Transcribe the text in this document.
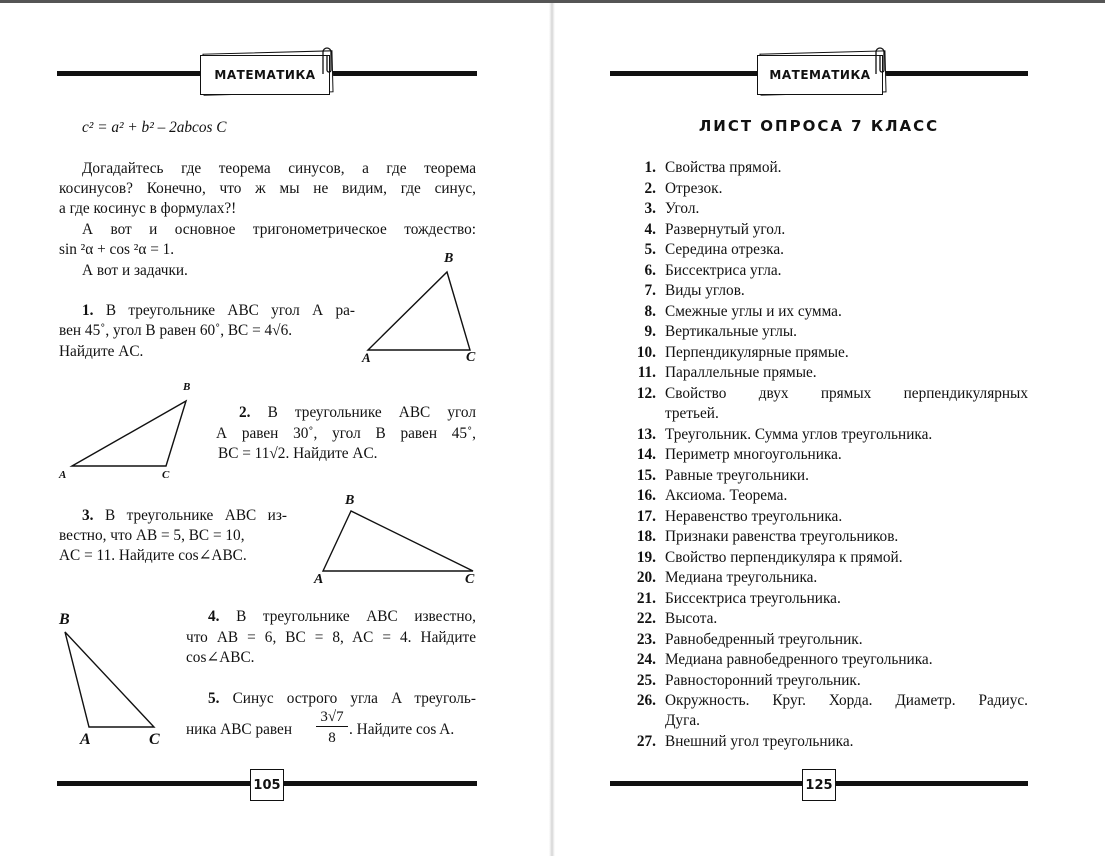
МАТЕМАТИКА
c² = a² + b² – 2abcos C
Догадайтесь где теорема синусов, а где теорема
косинусов? Конечно, что ж мы не видим, где синус,
а где косинус в формулах?!
А вот и основное тригонометрическое тождество:
sin ²α + cos ²α = 1.
А вот и задачки.
1. В треугольнике ABC угол А ра-
вен 45˚, угол В равен 60˚, BC = 4√6.
Найдите AC.
2. В треугольнике ABC угол
А равен 30˚, угол В равен 45˚,
BC = 11√2. Найдите AC.
3. В треугольнике ABC из-
вестно, что AB = 5, BC = 10,
AC = 11. Найдите cos∠ABC.
4. В треугольнике ABC известно,
что AB = 6, BC = 8, AC = 4. Найдите
cos∠ABC.
5. Синус острого угла A треуголь-
ника ABC равен
3√7
8 . Найдите cos A.
B
A	C
B
A	C
B
A	C
B
A	C
105
МАТЕМАТИКА
ЛИСТ ОПРОСА 7 КЛАСС
1. Свойства прямой.
2. Отрезок.
3. Угол.
4. Развернутый угол.
5. Середина отрезка.
6. Биссектриса угла.
7. Виды углов.
8. Смежные углы и их сумма.
9. Вертикальные углы.
10. Перпендикулярные прямые.
11. Параллельные прямые.
12. Свойство двух прямых перпендикулярных
третьей.
13. Треугольник. Сумма углов треугольника.
14. Периметр многоугольника.
15. Равные треугольники.
16. Аксиома. Теорема.
17. Неравенство треугольника.
18. Признаки равенства треугольников.
19. Свойство перпендикуляра к прямой.
20. Медиана треугольника.
21. Биссектриса треугольника.
22. Высота.
23. Равнобедренный треугольник.
24. Медиана равнобедренного треугольника.
25. Равносторонний треугольник.
26. Окружность. Круг. Хорда. Диаметр. Радиус.
Дуга.
27. Внешний угол треугольника.
125
